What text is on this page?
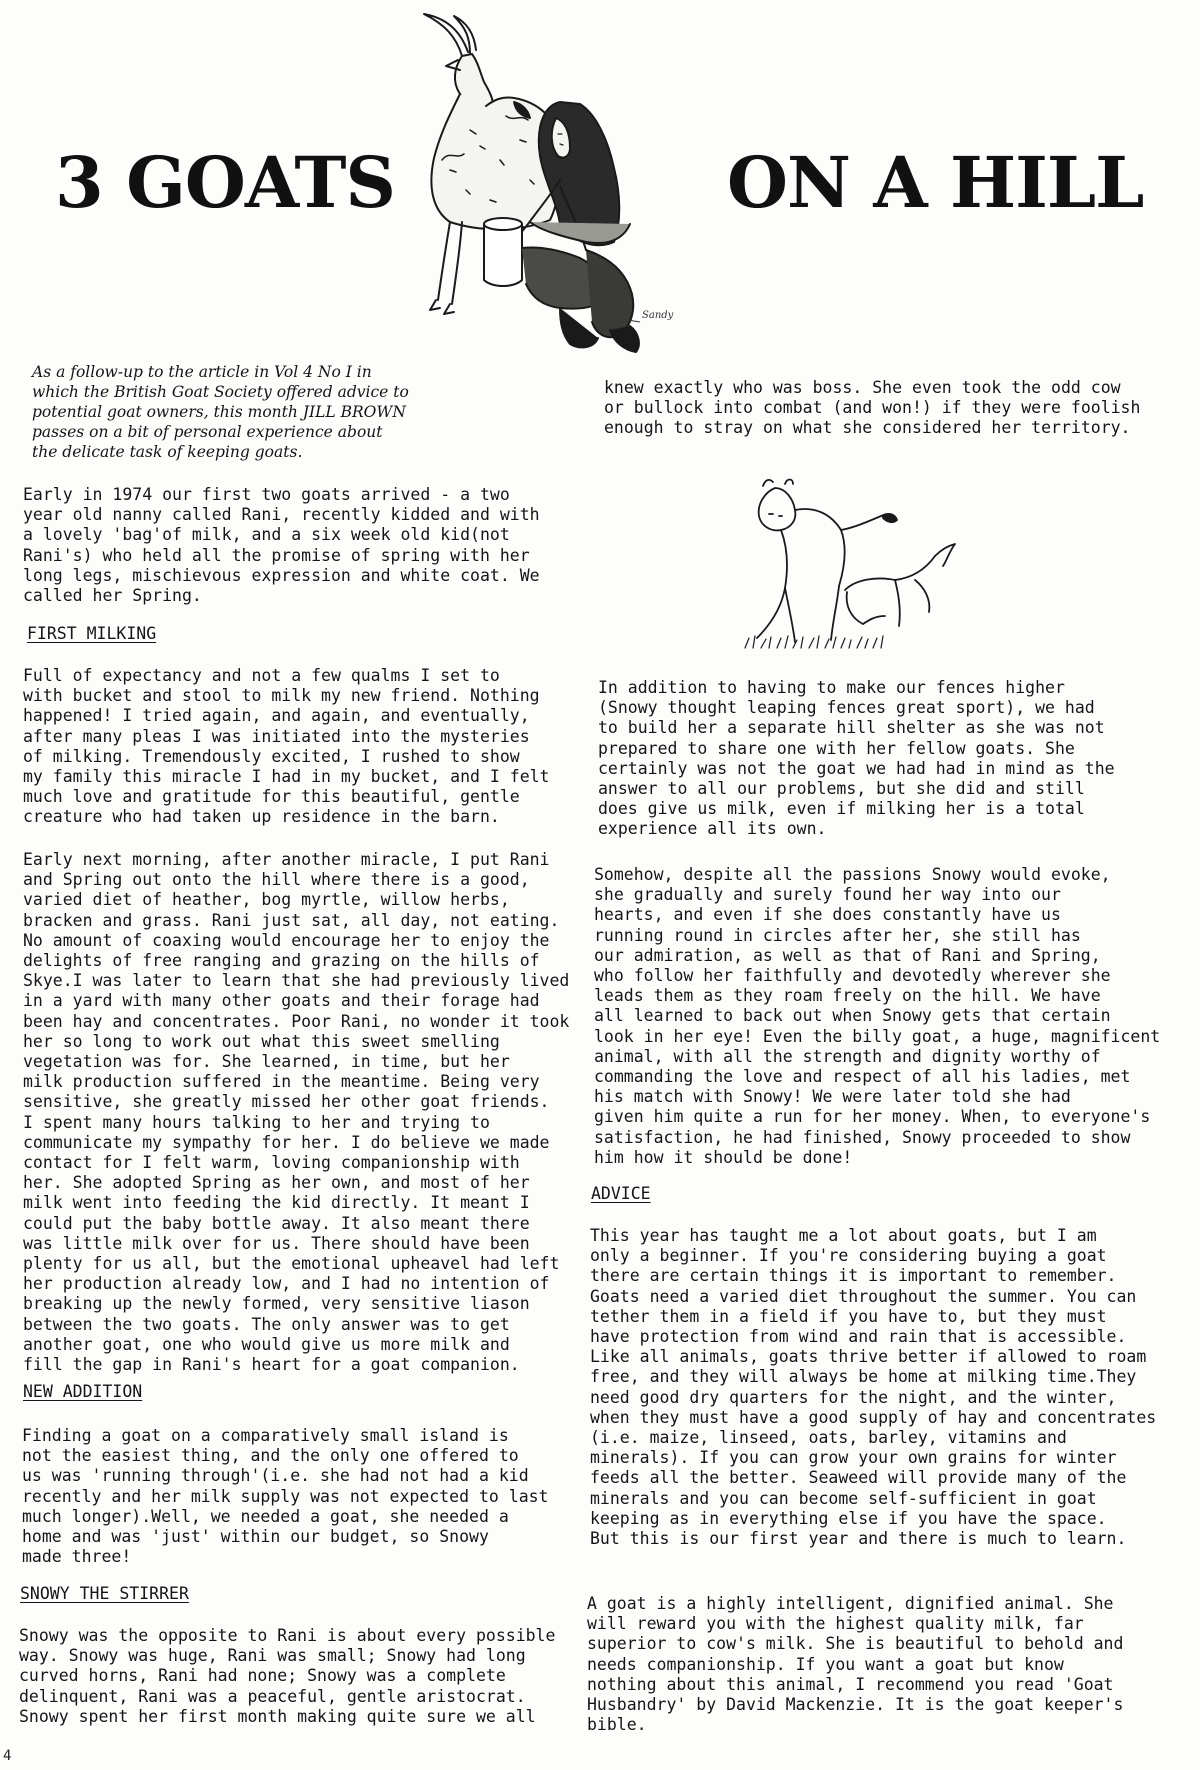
3 GOATS	ON A HILL
Sandy

As a follow-up to the article in Vol 4 No I in
which the British Goat Society offered advice to
potential goat owners, this month JILL BROWN
passes on a bit of personal experience about
the delicate task of keeping goats.

Early in 1974 our first two goats arrived - a two
year old nanny called Rani, recently kidded and with
a lovely 'bag'of milk, and a six week old kid(not
Rani's) who held all the promise of spring with her
long legs, mischievous expression and white coat. We
called her Spring.

FIRST MILKING

Full of expectancy and not a few qualms I set to
with bucket and stool to milk my new friend. Nothing
happened! I tried again, and again, and eventually,
after many pleas I was initiated into the mysteries
of milking. Tremendously excited, I rushed to show
my family this miracle I had in my bucket, and I felt
much love and gratitude for this beautiful, gentle
creature who had taken up residence in the barn.

Early next morning, after another miracle, I put Rani
and Spring out onto the hill where there is a good,
varied diet of heather, bog myrtle, willow herbs,
bracken and grass. Rani just sat, all day, not eating.
No amount of coaxing would encourage her to enjoy the
delights of free ranging and grazing on the hills of
Skye.I was later to learn that she had previously lived
in a yard with many other goats and their forage had
been hay and concentrates. Poor Rani, no wonder it took
her so long to work out what this sweet smelling
vegetation was for. She learned, in time, but her
milk production suffered in the meantime. Being very
sensitive, she greatly missed her other goat friends.
I spent many hours talking to her and trying to
communicate my sympathy for her. I do believe we made
contact for I felt warm, loving companionship with
her. She adopted Spring as her own, and most of her
milk went into feeding the kid directly. It meant I
could put the baby bottle away. It also meant there
was little milk over for us. There should have been
plenty for us all, but the emotional upheavel had left
her production already low, and I had no intention of
breaking up the newly formed, very sensitive liason
between the two goats. The only answer was to get
another goat, one who would give us more milk and
fill the gap in Rani's heart for a goat companion.

NEW ADDITION

Finding a goat on a comparatively small island is
not the easiest thing, and the only one offered to
us was 'running through'(i.e. she had not had a kid
recently and her milk supply was not expected to last
much longer).Well, we needed a goat, she needed a
home and was 'just' within our budget, so Snowy
made three!

SNOWY THE STIRRER

Snowy was the opposite to Rani is about every possible
way. Snowy was huge, Rani was small; Snowy had long
curved horns, Rani had none; Snowy was a complete
delinquent, Rani was a peaceful, gentle aristocrat.
Snowy spent her first month making quite sure we all

knew exactly who was boss. She even took the odd cow
or bullock into combat (and won!) if they were foolish
enough to stray on what she considered her territory.

In addition to having to make our fences higher
(Snowy thought leaping fences great sport), we had
to build her a separate hill shelter as she was not
prepared to share one with her fellow goats. She
certainly was not the goat we had had in mind as the
answer to all our problems, but she did and still
does give us milk, even if milking her is a total
experience all its own.

Somehow, despite all the passions Snowy would evoke,
she gradually and surely found her way into our
hearts, and even if she does constantly have us
running round in circles after her, she still has
our admiration, as well as that of Rani and Spring,
who follow her faithfully and devotedly wherever she
leads them as they roam freely on the hill. We have
all learned to back out when Snowy gets that certain
look in her eye! Even the billy goat, a huge, magnificent
animal, with all the strength and dignity worthy of
commanding the love and respect of all his ladies, met
his match with Snowy! We were later told she had
given him quite a run for her money. When, to everyone's
satisfaction, he had finished, Snowy proceeded to show
him how it should be done!

ADVICE

This year has taught me a lot about goats, but I am
only a beginner. If you're considering buying a goat
there are certain things it is important to remember.
Goats need a varied diet throughout the summer. You can
tether them in a field if you have to, but they must
have protection from wind and rain that is accessible.
Like all animals, goats thrive better if allowed to roam
free, and they will always be home at milking time.They
need good dry quarters for the night, and the winter,
when they must have a good supply of hay and concentrates
(i.e. maize, linseed, oats, barley, vitamins and
minerals). If you can grow your own grains for winter
feeds all the better. Seaweed will provide many of the
minerals and you can become self-sufficient in goat
keeping as in everything else if you have the space.
But this is our first year and there is much to learn.

A goat is a highly intelligent, dignified animal. She
will reward you with the highest quality milk, far
superior to cow's milk. She is beautiful to behold and
needs companionship. If you want a goat but know
nothing about this animal, I recommend you read 'Goat
Husbandry' by David Mackenzie. It is the goat keeper's
bible.

4
